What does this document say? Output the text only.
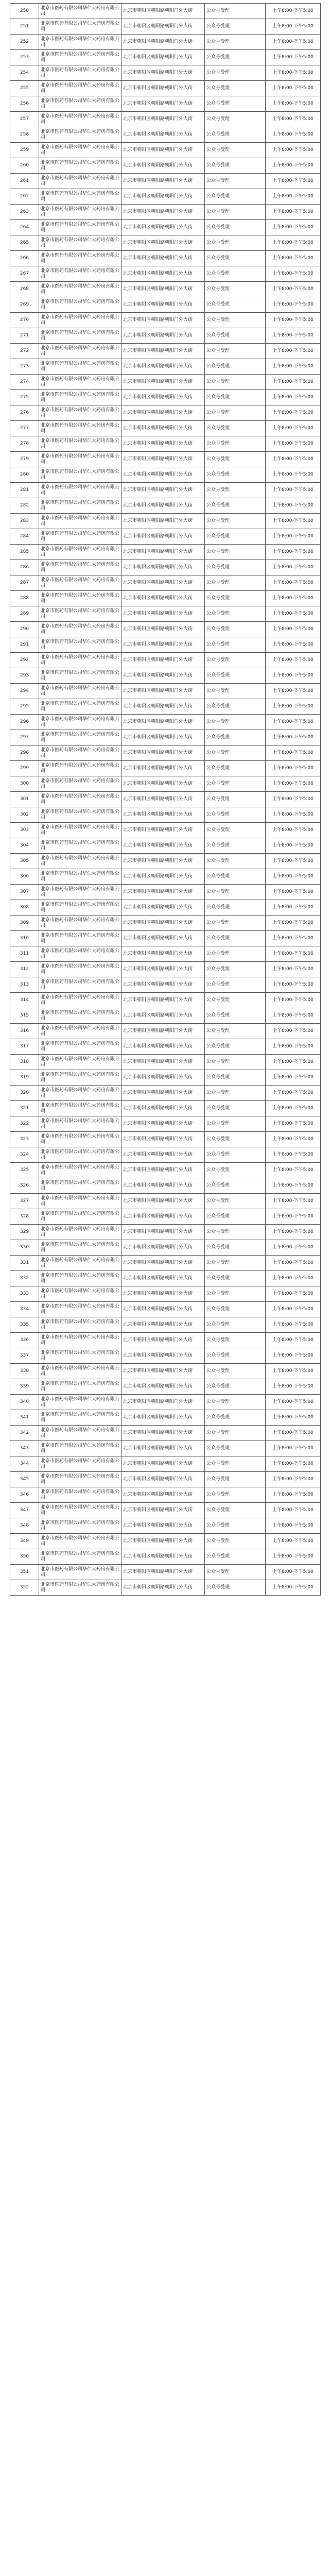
250	北京市医药有限公司华仁大药房有限公司	北京市朝阳区朝阳路朝阳门外大街	公众号受理	上午8:00-下午5:00
251	北京市医药有限公司华仁大药房有限公司	北京市朝阳区朝阳路朝阳门外大街	公众号受理	上午8:00-下午5:00
252	北京市医药有限公司华仁大药房有限公司	北京市朝阳区朝阳路朝阳门外大街	公众号受理	上午8:00-下午5:00
253	北京市医药有限公司华仁大药房有限公司	北京市朝阳区朝阳路朝阳门外大街	公众号受理	上午8:00-下午5:00
254	北京市医药有限公司华仁大药房有限公司	北京市朝阳区朝阳路朝阳门外大街	公众号受理	上午8:00-下午5:00
255	北京市医药有限公司华仁大药房有限公司	北京市朝阳区朝阳路朝阳门外大街	公众号受理	上午8:00-下午5:00
256	北京市医药有限公司华仁大药房有限公司	北京市朝阳区朝阳路朝阳门外大街	公众号受理	上午8:00-下午5:00
257	北京市医药有限公司华仁大药房有限公司	北京市朝阳区朝阳路朝阳门外大街	公众号受理	上午8:00-下午5:00
258	北京市医药有限公司华仁大药房有限公司	北京市朝阳区朝阳路朝阳门外大街	公众号受理	上午8:00-下午5:00
259	北京市医药有限公司华仁大药房有限公司	北京市朝阳区朝阳路朝阳门外大街	公众号受理	上午8:00-下午5:00
260	北京市医药有限公司华仁大药房有限公司	北京市朝阳区朝阳路朝阳门外大街	公众号受理	上午8:00-下午5:00
261	北京市医药有限公司华仁大药房有限公司	北京市朝阳区朝阳路朝阳门外大街	公众号受理	上午8:00-下午5:00
262	北京市医药有限公司华仁大药房有限公司	北京市朝阳区朝阳路朝阳门外大街	公众号受理	上午8:00-下午5:00
263	北京市医药有限公司华仁大药房有限公司	北京市朝阳区朝阳路朝阳门外大街	公众号受理	上午8:00-下午5:00
264	北京市医药有限公司华仁大药房有限公司	北京市朝阳区朝阳路朝阳门外大街	公众号受理	上午8:00-下午5:00
265	北京市医药有限公司华仁大药房有限公司	北京市朝阳区朝阳路朝阳门外大街	公众号受理	上午8:00-下午5:00
266	北京市医药有限公司华仁大药房有限公司	北京市朝阳区朝阳路朝阳门外大街	公众号受理	上午8:00-下午5:00
267	北京市医药有限公司华仁大药房有限公司	北京市朝阳区朝阳路朝阳门外大街	公众号受理	上午8:00-下午5:00
268	北京市医药有限公司华仁大药房有限公司	北京市朝阳区朝阳路朝阳门外大街	公众号受理	上午8:00-下午5:00
269	北京市医药有限公司华仁大药房有限公司	北京市朝阳区朝阳路朝阳门外大街	公众号受理	上午8:00-下午5:00
270	北京市医药有限公司华仁大药房有限公司	北京市朝阳区朝阳路朝阳门外大街	公众号受理	上午8:00-下午5:00
271	北京市医药有限公司华仁大药房有限公司	北京市朝阳区朝阳路朝阳门外大街	公众号受理	上午8:00-下午5:00
272	北京市医药有限公司华仁大药房有限公司	北京市朝阳区朝阳路朝阳门外大街	公众号受理	上午8:00-下午5:00
273	北京市医药有限公司华仁大药房有限公司	北京市朝阳区朝阳路朝阳门外大街	公众号受理	上午8:00-下午5:00
274	北京市医药有限公司华仁大药房有限公司	北京市朝阳区朝阳路朝阳门外大街	公众号受理	上午8:00-下午5:00
275	北京市医药有限公司华仁大药房有限公司	北京市朝阳区朝阳路朝阳门外大街	公众号受理	上午8:00-下午5:00
276	北京市医药有限公司华仁大药房有限公司	北京市朝阳区朝阳路朝阳门外大街	公众号受理	上午8:00-下午5:00
277	北京市医药有限公司华仁大药房有限公司	北京市朝阳区朝阳路朝阳门外大街	公众号受理	上午8:00-下午5:00
278	北京市医药有限公司华仁大药房有限公司	北京市朝阳区朝阳路朝阳门外大街	公众号受理	上午8:00-下午5:00
279	北京市医药有限公司华仁大药房有限公司	北京市朝阳区朝阳路朝阳门外大街	公众号受理	上午8:00-下午5:00
280	北京市医药有限公司华仁大药房有限公司	北京市朝阳区朝阳路朝阳门外大街	公众号受理	上午8:00-下午5:00
281	北京市医药有限公司华仁大药房有限公司	北京市朝阳区朝阳路朝阳门外大街	公众号受理	上午8:00-下午5:00
282	北京市医药有限公司华仁大药房有限公司	北京市朝阳区朝阳路朝阳门外大街	公众号受理	上午8:00-下午5:00
283	北京市医药有限公司华仁大药房有限公司	北京市朝阳区朝阳路朝阳门外大街	公众号受理	上午8:00-下午5:00
284	北京市医药有限公司华仁大药房有限公司	北京市朝阳区朝阳路朝阳门外大街	公众号受理	上午8:00-下午5:00
285	北京市医药有限公司华仁大药房有限公司	北京市朝阳区朝阳路朝阳门外大街	公众号受理	上午8:00-下午5:00
286	北京市医药有限公司华仁大药房有限公司	北京市朝阳区朝阳路朝阳门外大街	公众号受理	上午8:00-下午5:00
287	北京市医药有限公司华仁大药房有限公司	北京市朝阳区朝阳路朝阳门外大街	公众号受理	上午8:00-下午5:00
288	北京市医药有限公司华仁大药房有限公司	北京市朝阳区朝阳路朝阳门外大街	公众号受理	上午8:00-下午5:00
289	北京市医药有限公司华仁大药房有限公司	北京市朝阳区朝阳路朝阳门外大街	公众号受理	上午8:00-下午5:00
290	北京市医药有限公司华仁大药房有限公司	北京市朝阳区朝阳路朝阳门外大街	公众号受理	上午8:00-下午5:00
291	北京市医药有限公司华仁大药房有限公司	北京市朝阳区朝阳路朝阳门外大街	公众号受理	上午8:00-下午5:00
292	北京市医药有限公司华仁大药房有限公司	北京市朝阳区朝阳路朝阳门外大街	公众号受理	上午8:00-下午5:00
293	北京市医药有限公司华仁大药房有限公司	北京市朝阳区朝阳路朝阳门外大街	公众号受理	上午8:00-下午5:00
294	北京市医药有限公司华仁大药房有限公司	北京市朝阳区朝阳路朝阳门外大街	公众号受理	上午8:00-下午5:00
295	北京市医药有限公司华仁大药房有限公司	北京市朝阳区朝阳路朝阳门外大街	公众号受理	上午8:00-下午5:00
296	北京市医药有限公司华仁大药房有限公司	北京市朝阳区朝阳路朝阳门外大街	公众号受理	上午8:00-下午5:00
297	北京市医药有限公司华仁大药房有限公司	北京市朝阳区朝阳路朝阳门外大街	公众号受理	上午8:00-下午5:00
298	北京市医药有限公司华仁大药房有限公司	北京市朝阳区朝阳路朝阳门外大街	公众号受理	上午8:00-下午5:00
299	北京市医药有限公司华仁大药房有限公司	北京市朝阳区朝阳路朝阳门外大街	公众号受理	上午8:00-下午5:00
300	北京市医药有限公司华仁大药房有限公司	北京市朝阳区朝阳路朝阳门外大街	公众号受理	上午8:00-下午5:00
301	北京市医药有限公司华仁大药房有限公司	北京市朝阳区朝阳路朝阳门外大街	公众号受理	上午8:00-下午5:00
302	北京市医药有限公司华仁大药房有限公司	北京市朝阳区朝阳路朝阳门外大街	公众号受理	上午8:00-下午5:00
303	北京市医药有限公司华仁大药房有限公司	北京市朝阳区朝阳路朝阳门外大街	公众号受理	上午8:00-下午5:00
304	北京市医药有限公司华仁大药房有限公司	北京市朝阳区朝阳路朝阳门外大街	公众号受理	上午8:00-下午5:00
305	北京市医药有限公司华仁大药房有限公司	北京市朝阳区朝阳路朝阳门外大街	公众号受理	上午8:00-下午5:00
306	北京市医药有限公司华仁大药房有限公司	北京市朝阳区朝阳路朝阳门外大街	公众号受理	上午8:00-下午5:00
307	北京市医药有限公司华仁大药房有限公司	北京市朝阳区朝阳路朝阳门外大街	公众号受理	上午8:00-下午5:00
308	北京市医药有限公司华仁大药房有限公司	北京市朝阳区朝阳路朝阳门外大街	公众号受理	上午8:00-下午5:00
309	北京市医药有限公司华仁大药房有限公司	北京市朝阳区朝阳路朝阳门外大街	公众号受理	上午8:00-下午5:00
310	北京市医药有限公司华仁大药房有限公司	北京市朝阳区朝阳路朝阳门外大街	公众号受理	上午8:00-下午5:00
311	北京市医药有限公司华仁大药房有限公司	北京市朝阳区朝阳路朝阳门外大街	公众号受理	上午8:00-下午5:00
312	北京市医药有限公司华仁大药房有限公司	北京市朝阳区朝阳路朝阳门外大街	公众号受理	上午8:00-下午5:00
313	北京市医药有限公司华仁大药房有限公司	北京市朝阳区朝阳路朝阳门外大街	公众号受理	上午8:00-下午5:00
314	北京市医药有限公司华仁大药房有限公司	北京市朝阳区朝阳路朝阳门外大街	公众号受理	上午8:00-下午5:00
315	北京市医药有限公司华仁大药房有限公司	北京市朝阳区朝阳路朝阳门外大街	公众号受理	上午8:00-下午5:00
316	北京市医药有限公司华仁大药房有限公司	北京市朝阳区朝阳路朝阳门外大街	公众号受理	上午8:00-下午5:00
317	北京市医药有限公司华仁大药房有限公司	北京市朝阳区朝阳路朝阳门外大街	公众号受理	上午8:00-下午5:00
318	北京市医药有限公司华仁大药房有限公司	北京市朝阳区朝阳路朝阳门外大街	公众号受理	上午8:00-下午5:00
319	北京市医药有限公司华仁大药房有限公司	北京市朝阳区朝阳路朝阳门外大街	公众号受理	上午8:00-下午5:00
320	北京市医药有限公司华仁大药房有限公司	北京市朝阳区朝阳路朝阳门外大街	公众号受理	上午8:00-下午5:00
321	北京市医药有限公司华仁大药房有限公司	北京市朝阳区朝阳路朝阳门外大街	公众号受理	上午8:00-下午5:00
322	北京市医药有限公司华仁大药房有限公司	北京市朝阳区朝阳路朝阳门外大街	公众号受理	上午8:00-下午5:00
323	北京市医药有限公司华仁大药房有限公司	北京市朝阳区朝阳路朝阳门外大街	公众号受理	上午8:00-下午5:00
324	北京市医药有限公司华仁大药房有限公司	北京市朝阳区朝阳路朝阳门外大街	公众号受理	上午8:00-下午5:00
325	北京市医药有限公司华仁大药房有限公司	北京市朝阳区朝阳路朝阳门外大街	公众号受理	上午8:00-下午5:00
326	北京市医药有限公司华仁大药房有限公司	北京市朝阳区朝阳路朝阳门外大街	公众号受理	上午8:00-下午5:00
327	北京市医药有限公司华仁大药房有限公司	北京市朝阳区朝阳路朝阳门外大街	公众号受理	上午8:00-下午5:00
328	北京市医药有限公司华仁大药房有限公司	北京市朝阳区朝阳路朝阳门外大街	公众号受理	上午8:00-下午5:00
329	北京市医药有限公司华仁大药房有限公司	北京市朝阳区朝阳路朝阳门外大街	公众号受理	上午8:00-下午5:00
330	北京市医药有限公司华仁大药房有限公司	北京市朝阳区朝阳路朝阳门外大街	公众号受理	上午8:00-下午5:00
331	北京市医药有限公司华仁大药房有限公司	北京市朝阳区朝阳路朝阳门外大街	公众号受理	上午8:00-下午5:00
332	北京市医药有限公司华仁大药房有限公司	北京市朝阳区朝阳路朝阳门外大街	公众号受理	上午8:00-下午5:00
333	北京市医药有限公司华仁大药房有限公司	北京市朝阳区朝阳路朝阳门外大街	公众号受理	上午8:00-下午5:00
334	北京市医药有限公司华仁大药房有限公司	北京市朝阳区朝阳路朝阳门外大街	公众号受理	上午8:00-下午5:00
335	北京市医药有限公司华仁大药房有限公司	北京市朝阳区朝阳路朝阳门外大街	公众号受理	上午8:00-下午5:00
336	北京市医药有限公司华仁大药房有限公司	北京市朝阳区朝阳路朝阳门外大街	公众号受理	上午8:00-下午5:00
337	北京市医药有限公司华仁大药房有限公司	北京市朝阳区朝阳路朝阳门外大街	公众号受理	上午8:00-下午5:00
338	北京市医药有限公司华仁大药房有限公司	北京市朝阳区朝阳路朝阳门外大街	公众号受理	上午8:00-下午5:00
339	北京市医药有限公司华仁大药房有限公司	北京市朝阳区朝阳路朝阳门外大街	公众号受理	上午8:00-下午5:00
340	北京市医药有限公司华仁大药房有限公司	北京市朝阳区朝阳路朝阳门外大街	公众号受理	上午8:00-下午5:00
341	北京市医药有限公司华仁大药房有限公司	北京市朝阳区朝阳路朝阳门外大街	公众号受理	上午8:00-下午5:00
342	北京市医药有限公司华仁大药房有限公司	北京市朝阳区朝阳路朝阳门外大街	公众号受理	上午8:00-下午5:00
343	北京市医药有限公司华仁大药房有限公司	北京市朝阳区朝阳路朝阳门外大街	公众号受理	上午8:00-下午5:00
344	北京市医药有限公司华仁大药房有限公司	北京市朝阳区朝阳路朝阳门外大街	公众号受理	上午8:00-下午5:00
345	北京市医药有限公司华仁大药房有限公司	北京市朝阳区朝阳路朝阳门外大街	公众号受理	上午8:00-下午5:00
346	北京市医药有限公司华仁大药房有限公司	北京市朝阳区朝阳路朝阳门外大街	公众号受理	上午8:00-下午5:00
347	北京市医药有限公司华仁大药房有限公司	北京市朝阳区朝阳路朝阳门外大街	公众号受理	上午8:00-下午5:00
348	北京市医药有限公司华仁大药房有限公司	北京市朝阳区朝阳路朝阳门外大街	公众号受理	上午8:00-下午5:00
349	北京市医药有限公司华仁大药房有限公司	北京市朝阳区朝阳路朝阳门外大街	公众号受理	上午8:00-下午5:00
350	北京市医药有限公司华仁大药房有限公司	北京市朝阳区朝阳路朝阳门外大街	公众号受理	上午8:00-下午5:00
351	北京市医药有限公司华仁大药房有限公司	北京市朝阳区朝阳路朝阳门外大街	公众号受理	上午8:00-下午5:00
352	北京市医药有限公司华仁大药房有限公司	北京市朝阳区朝阳路朝阳门外大街	公众号受理	上午8:00-下午5:00
